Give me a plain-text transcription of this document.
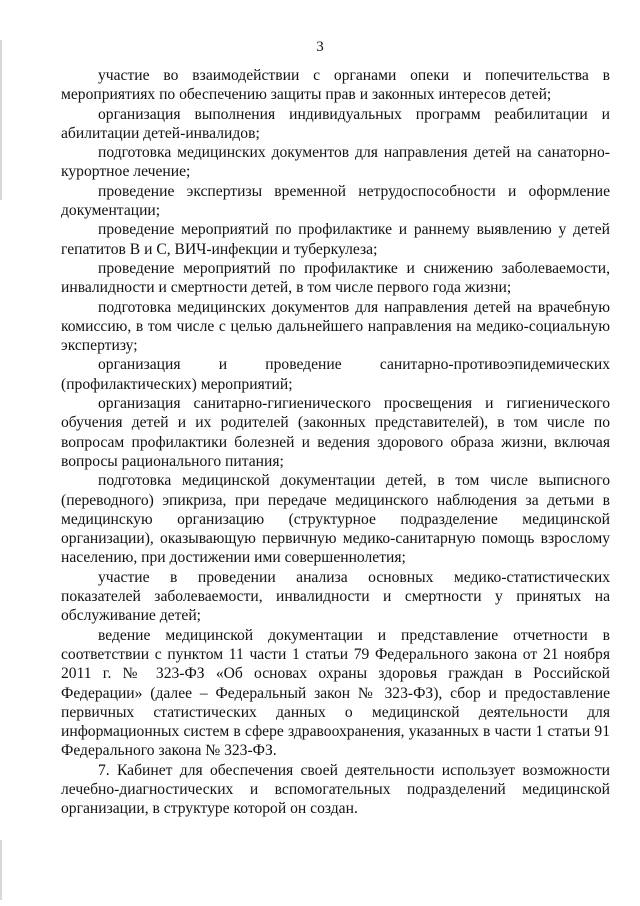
3

участие во взаимодействии с органами опеки и попечительства в мероприятиях по обеспечению защиты прав и законных интересов детей;

организация выполнения индивидуальных программ реабилитации и абилитации детей-инвалидов;

подготовка медицинских документов для направления детей на санаторно-курортное лечение;

проведение экспертизы временной нетрудоспособности и оформление документации;

проведение мероприятий по профилактике и раннему выявлению у детей гепатитов В и С, ВИЧ-инфекции и туберкулеза;

проведение мероприятий по профилактике и снижению заболеваемости, инвалидности и смертности детей, в том числе первого года жизни;

подготовка медицинских документов для направления детей на врачебную комиссию, в том числе с целью дальнейшего направления на медико-социальную экспертизу;

организация и проведение санитарно-противоэпидемических (профилактических) мероприятий;

организация санитарно-гигиенического просвещения и гигиенического обучения детей и их родителей (законных представителей), в том числе по вопросам профилактики болезней и ведения здорового образа жизни, включая вопросы рационального питания;

подготовка медицинской документации детей, в том числе выписного (переводного) эпикриза, при передаче медицинского наблюдения за детьми в медицинскую организацию (структурное подразделение медицинской организации), оказывающую первичную медико-санитарную помощь взрослому населению, при достижении ими совершеннолетия;

участие в проведении анализа основных медико-статистических показателей заболеваемости, инвалидности и смертности у принятых на обслуживание детей;

ведение медицинской документации и представление отчетности в соответствии с пунктом 11 части 1 статьи 79 Федерального закона от 21 ноября 2011 г. № 323-ФЗ «Об основах охраны здоровья граждан в Российской Федерации» (далее – Федеральный закон № 323-ФЗ), сбор и предоставление первичных статистических данных о медицинской деятельности для информационных систем в сфере здравоохранения, указанных в части 1 статьи 91 Федерального закона № 323-ФЗ.

7. Кабинет для обеспечения своей деятельности использует возможности лечебно-диагностических и вспомогательных подразделений медицинской организации, в структуре которой он создан.
